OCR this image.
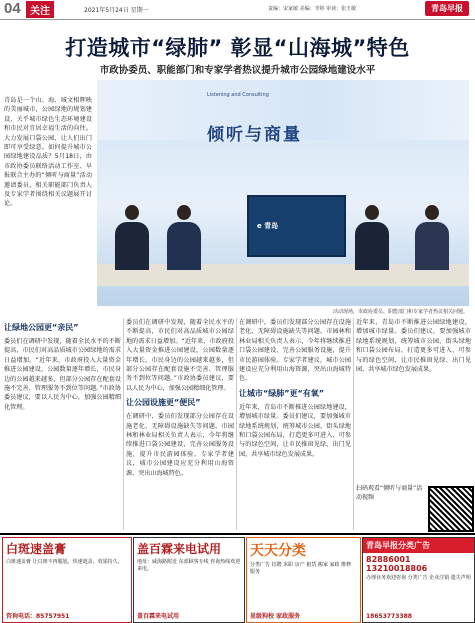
04 关注	2021年5月24日 星期一	责编：宋家敏 美编：李婷 审读：张玉敏	青岛早报
打造城市“绿肺” 彰显“山海城”特色
市政协委员、职能部门和专家学者热议提升城市公园绿地建设水平
青岛是一个山、海、城文相辉映的美丽城市，公园绿地的规划建设，关乎城市绿色生态环境建设和市民对宜居幸福生活的向往。大力发展口袋公园，让人们出门即可享受绿意。如何提升城市公园绿地建设品质？5月18日，由市政协委员联络活动工作室、早报联合主办的“倾听与商量”活动邀请委员、相关职能部门负责人及专家学者围绕相关议题展开讨论。
Listening and Consulting
倾听与商量
e 青岛
活动现场，市政协委员、职能部门和专家学者热议相关问题。
让绿地公园更“亲民”
委员们在调研中发现，随着全民水平的不断提高，市民们对高品质城市公园绿地的需求日益增加。“近年来，市政府投入大量资金推进公园建设，公园数量逐年增长，市民身边的公园越来越多，但部分公园存在配套设施不完善、管理服务不到位等问题。”市政协委员建议，要以人民为中心，加强公园精细化管理。
委员们在调研中发现，随着全民水平的不断提高，市民们对高品质城市公园绿地的需求日益增加。“近年来，市政府投入大量资金推进公园建设，公园数量逐年增长，市民身边的公园越来越多，但部分公园存在配套设施不完善、管理服务不到位等问题。”市政协委员建议，要以人民为中心，加强公园精细化管理。
让公园设施更“便民”
在调研中，委员们发现部分公园存在设施老化、无障碍设施缺失等问题。市园林和林业局相关负责人表示，今年将继续推进口袋公园建设，完善公园服务设施，提升市民游园体验。专家学者建议，城市公园建设应充分利用山海资源，突出山海城特色。
在调研中，委员们发现部分公园存在设施老化、无障碍设施缺失等问题。市园林和林业局相关负责人表示，今年将继续推进口袋公园建设，完善公园服务设施，提升市民游园体验。专家学者建议，城市公园建设应充分利用山海资源，突出山海城特色。
让城市“绿肺”更“有氧”
近年来，青岛市不断推进公园绿地建设，增加城市绿量。委员们建议，要加强城市绿地系统规划，统筹城市公园、街头绿地和口袋公园布局，打造更多可进入、可参与的绿色空间，让市民推窗见绿、出门见园，共享城市绿色发展成果。
近年来，青岛市不断推进公园绿地建设，增加城市绿量。委员们建议，要加强城市绿地系统规划，统筹城市公园、街头绿地和口袋公园布局，打造更多可进入、可参与的绿色空间，让市民推窗见绿、出门见园，共享城市绿色发展成果。
扫码观看“倾听与商量”活动视频
白斑速盖膏
白斑速盖膏 让白斑不再尴尬，快速遮盖，效果持久。
咨询电话：85757951
盖百霖来电试用
地址：威海路附近 东部顾客专线 咨询热线欢迎来电。
盖百霖来电试用
天天分类
分类广告 招聘 求职 房产 租赁 搬家 家政 维修 服务
星级狗校 家政服务
青岛早报分类广告
82886001 13210018806
办理业务欢迎咨询 分类广告 企业注销 遗失声明
18653773388
